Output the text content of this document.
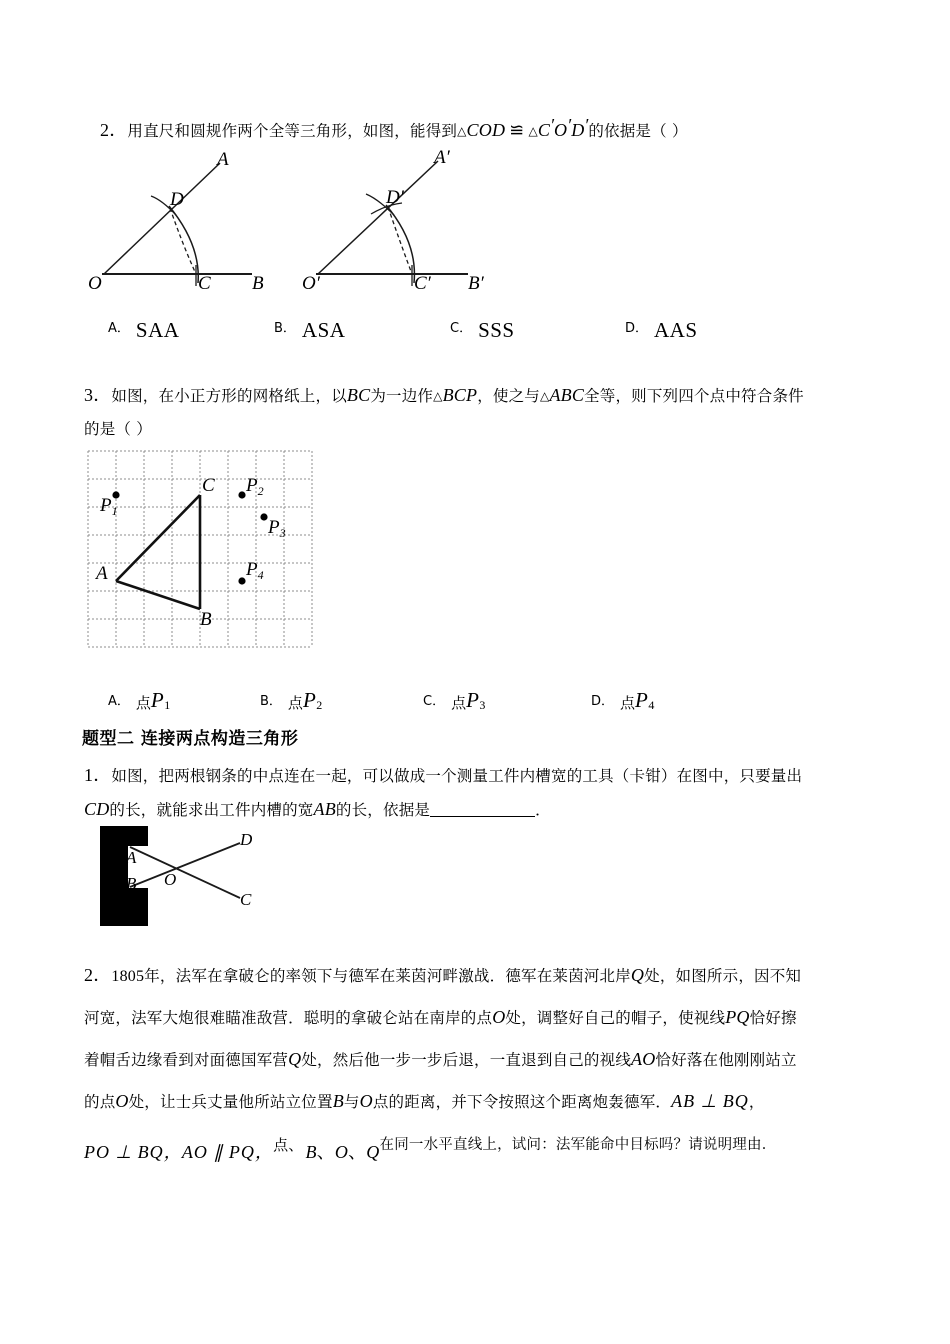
2．用直尺和圆规作两个全等三角形，如图，能得到△COD ≌ △C′O′D′的依据是（ ）
A
D
O	C B
A′
D′
O′	C′ B′
A． SAA	B． ASA	C． SSS	D． AAS
3．如图，在小正方形的网格纸上，以BC为一边作△BCP，使之与△ABC全等，则下列四个点中符合条件
的是（ ）
$P_1$
$P_2$
$P_3$
$P_4$
C
A
B
A． 点 P 1	B． 点 P 2	C． 点 P 3	D． 点 P 4
题型二 连接两点构造三角形
1．如图，把两根钢条的中点连在一起，可以做成一个测量工件内槽宽的工具（卡钳）在图中，只要量出
CD的长，就能求出工件内槽的宽AB的长，依据是	．
A
B O
C
D
2．1805年，法军在拿破仑的率领下与德军在莱茵河畔激战．德军在莱茵河北岸Q处，如图所示，因不知
河宽，法军大炮很难瞄准敌营．聪明的拿破仑站在南岸的点O处，调整好自己的帽子，使视线PQ恰好擦
着帽舌边缘看到对面德国军营Q处，然后他一步一步后退，一直退到自己的视线AO恰好落在他刚刚站立
的点O处，让士兵丈量他所站立位置B与O点的距离，并下令按照这个距离炮轰德军．AB ⊥ BQ，
PO ⊥ BQ，AO ∥ PQ，点、 B、O、Q在同一水平直线上，试问：法军能命中目标吗？请说明理由．
